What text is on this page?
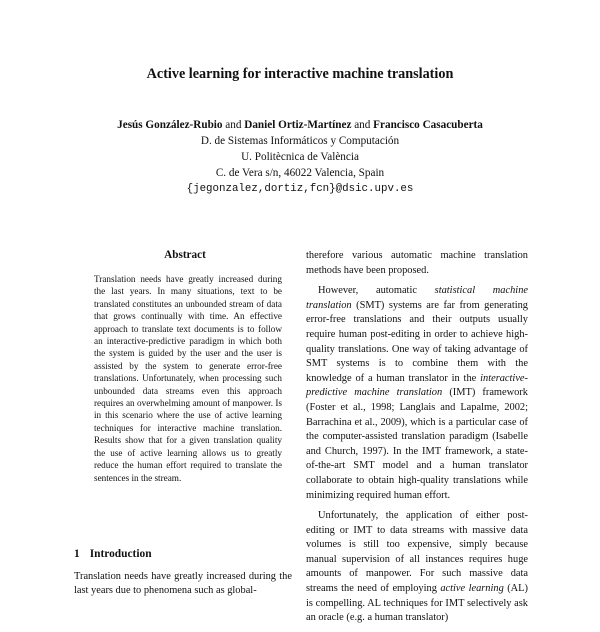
Active learning for interactive machine translation
Jesús González-Rubio and Daniel Ortiz-Martínez and Francisco Casacuberta
D. de Sistemas Informáticos y Computación
U. Politècnica de València
C. de Vera s/n, 46022 Valencia, Spain
{jegonzalez,dortiz,fcn}@dsic.upv.es
Abstract
Translation needs have greatly increased during the last years. In many situations, text to be translated constitutes an unbounded stream of data that grows continually with time. An effective approach to translate text documents is to follow an interactive-predictive paradigm in which both the system is guided by the user and the user is assisted by the system to generate error-free translations. Unfortunately, when processing such unbounded data streams even this approach requires an overwhelming amount of manpower. Is in this scenario where the use of active learning techniques for interactive machine translation. Results show that for a given translation quality the use of active learning allows us to greatly reduce the human effort required to translate the sentences in the stream.
1 Introduction
Translation needs have greatly increased during the last years due to phenomena such as global-

therefore various automatic machine translation methods have been proposed.

However, automatic statistical machine translation (SMT) systems are far from generating error-free translations and their outputs usually require human post-editing in order to achieve high-quality translations. One way of taking advantage of SMT systems is to combine them with the knowledge of a human translator in the interactive-predictive machine translation (IMT) framework (Foster et al., 1998; Langlais and Lapalme, 2002; Barrachina et al., 2009), which is a particular case of the computer-assisted translation paradigm (Isabelle and Church, 1997). In the IMT framework, a state-of-the-art SMT model and a human translator collaborate to obtain high-quality translations while minimizing required human effort.

Unfortunately, the application of either post-editing or IMT to data streams with massive data volumes is still too expensive, simply because manual supervision of all instances requires huge amounts of manpower. For such massive data streams the need of employing active learning (AL) is compelling. AL techniques for IMT selectively ask an oracle (e.g. a human translator)
